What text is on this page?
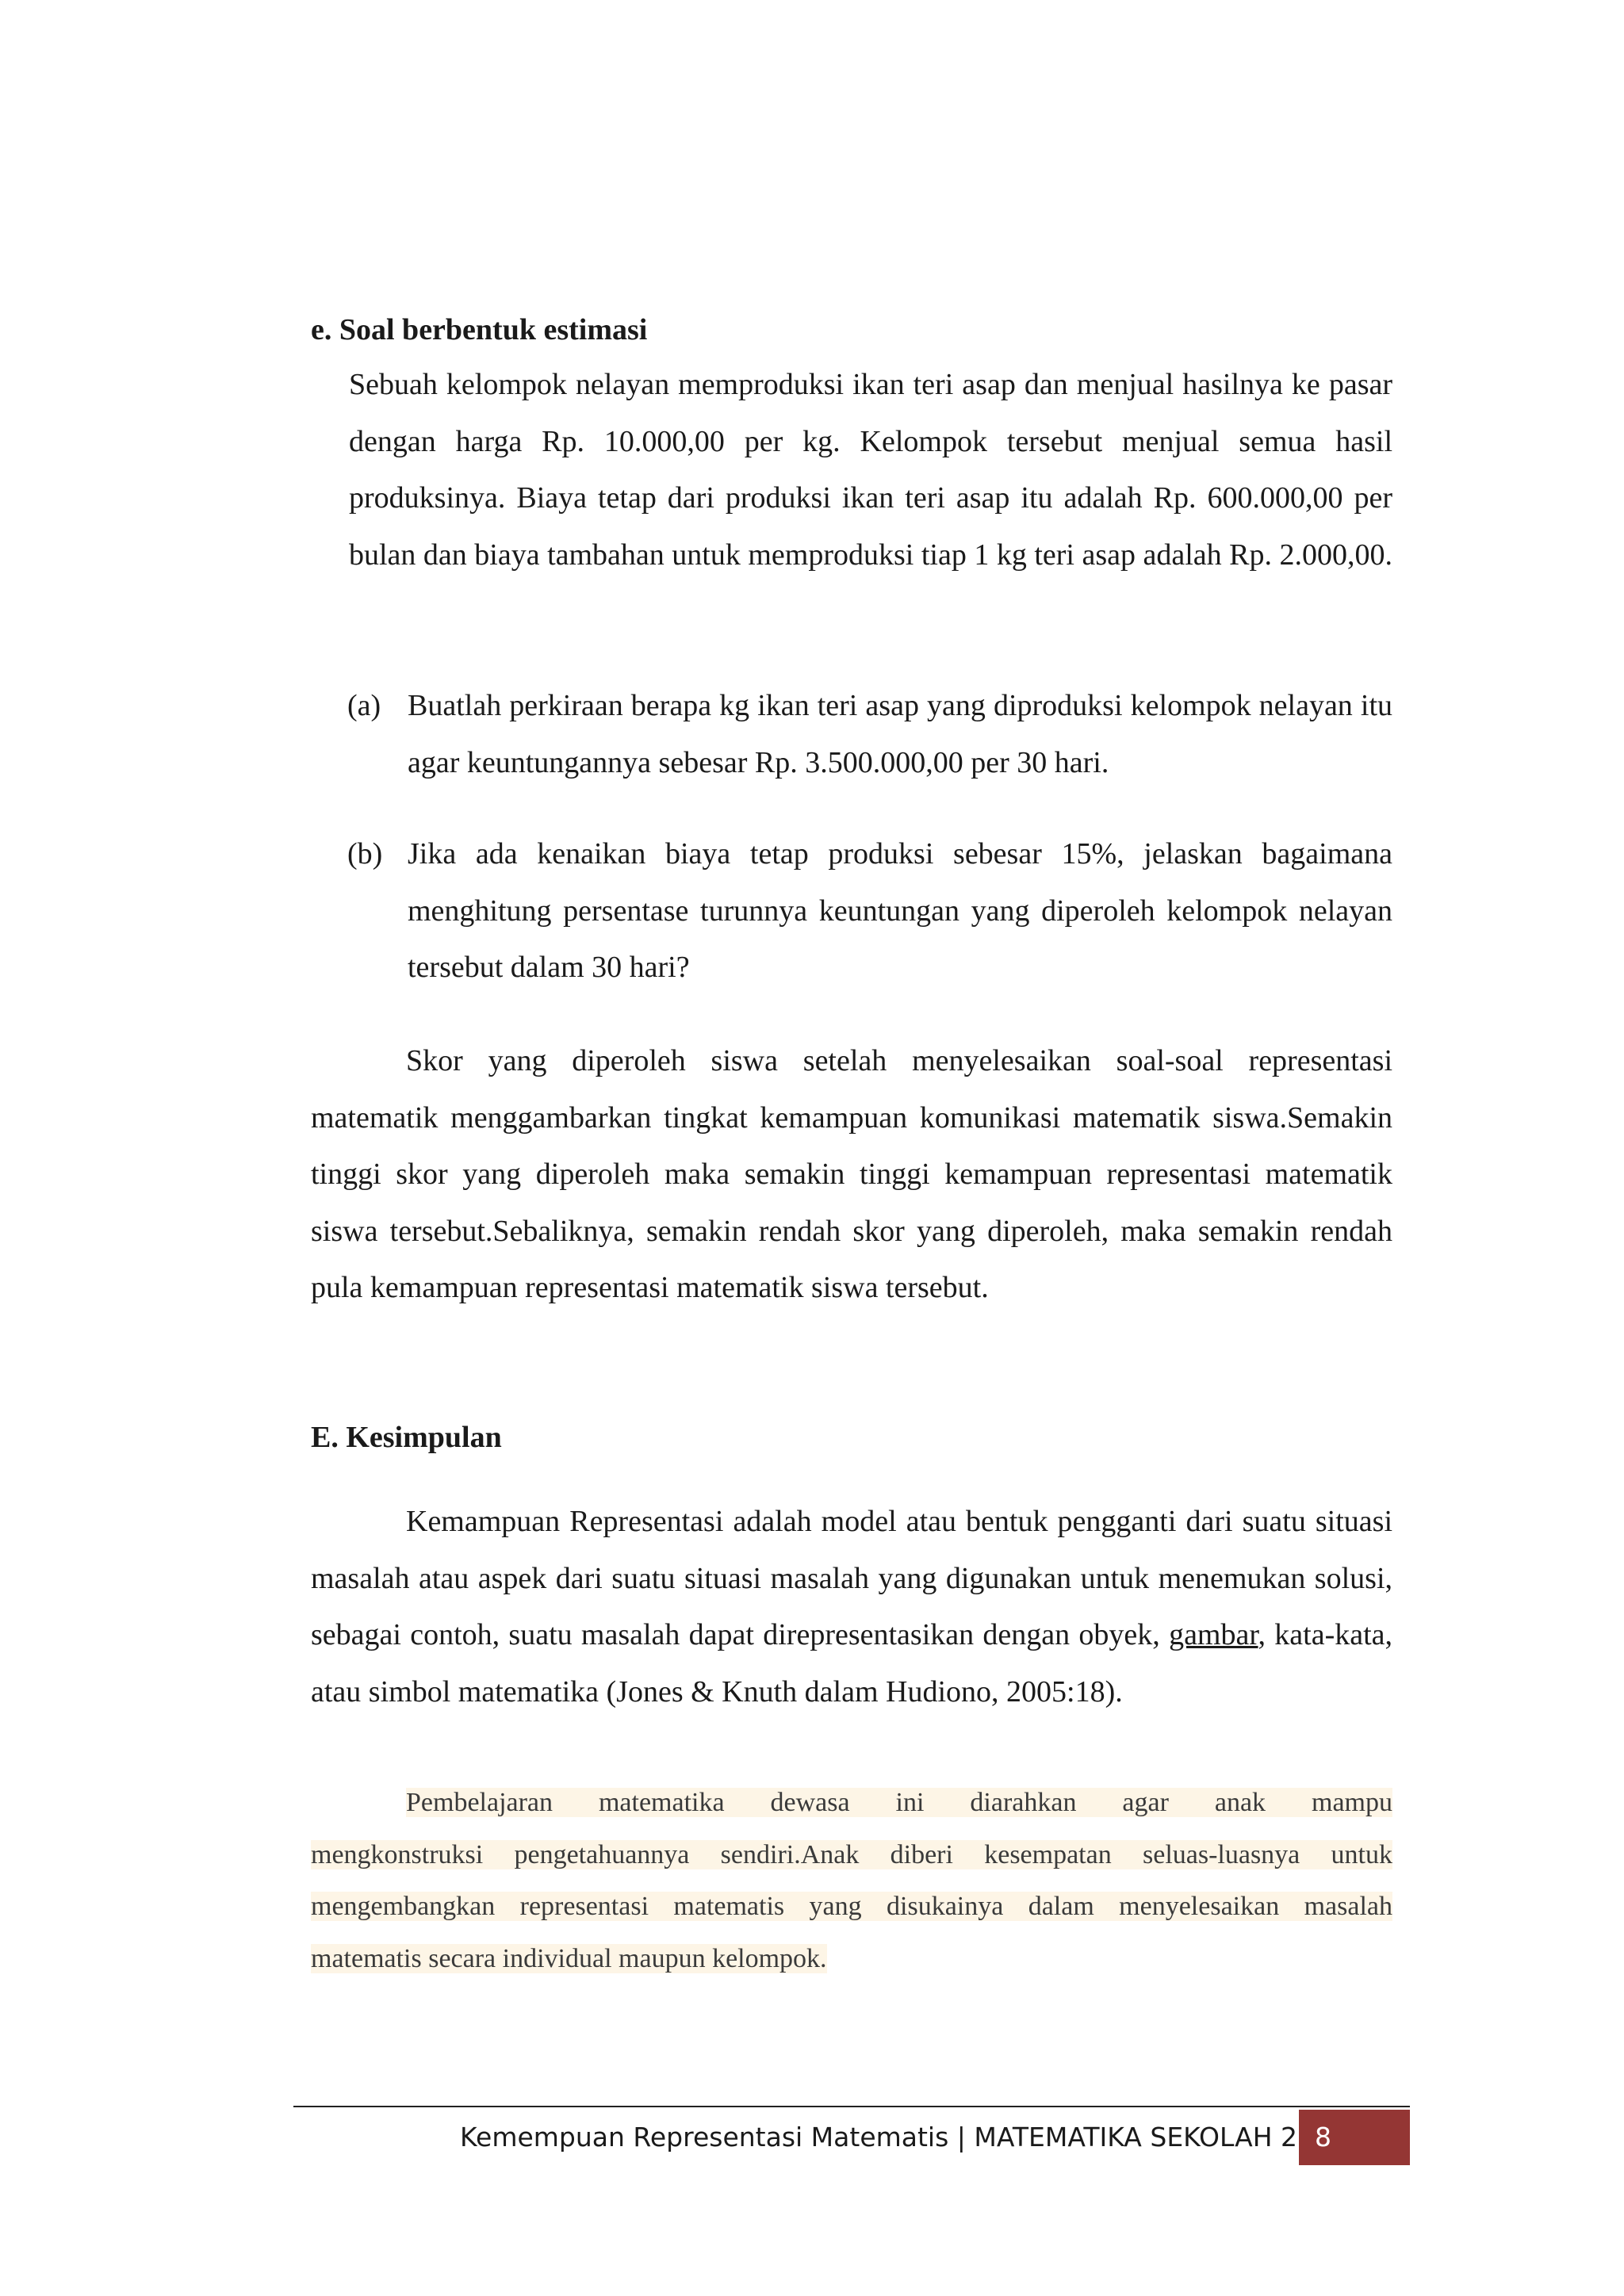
e. Soal berbentuk estimasi

Sebuah kelompok nelayan memproduksi ikan teri asap dan menjual hasilnya ke pasar dengan harga Rp. 10.000,00 per kg. Kelompok tersebut menjual semua hasil produksinya. Biaya tetap dari produksi ikan teri asap itu adalah Rp. 600.000,00 per bulan dan biaya tambahan untuk memproduksi tiap 1 kg teri asap adalah Rp. 2.000,00.

(a) Buatlah perkiraan berapa kg ikan teri asap yang diproduksi kelompok nelayan itu agar keuntungannya sebesar Rp. 3.500.000,00 per 30 hari.

(b) Jika ada kenaikan biaya tetap produksi sebesar 15%, jelaskan bagaimana menghitung persentase turunnya keuntungan yang diperoleh kelompok nelayan tersebut dalam 30 hari?

Skor yang diperoleh siswa setelah menyelesaikan soal-soal representasi matematik menggambarkan tingkat kemampuan komunikasi matematik siswa.Semakin tinggi skor yang diperoleh maka semakin tinggi kemampuan representasi matematik siswa tersebut.Sebaliknya, semakin rendah skor yang diperoleh, maka semakin rendah pula kemampuan representasi matematik siswa tersebut.

E. Kesimpulan

Kemampuan Representasi adalah model atau bentuk pengganti dari suatu situasi masalah atau aspek dari suatu situasi masalah yang digunakan untuk menemukan solusi, sebagai contoh, suatu masalah dapat direpresentasikan dengan obyek, gambar, kata-kata, atau simbol matematika (Jones & Knuth dalam Hudiono, 2005:18).

Pembelajaran matematika dewasa ini diarahkan agar anak mampu

mengkonstruksi pengetahuannya sendiri.Anak diberi kesempatan seluas-luasnya untuk

mengembangkan representasi matematis yang disukainya dalam menyelesaikan masalah

matematis secara individual maupun kelompok.

Kemempuan Representasi Matematis | MATEMATIKA SEKOLAH 2 8
